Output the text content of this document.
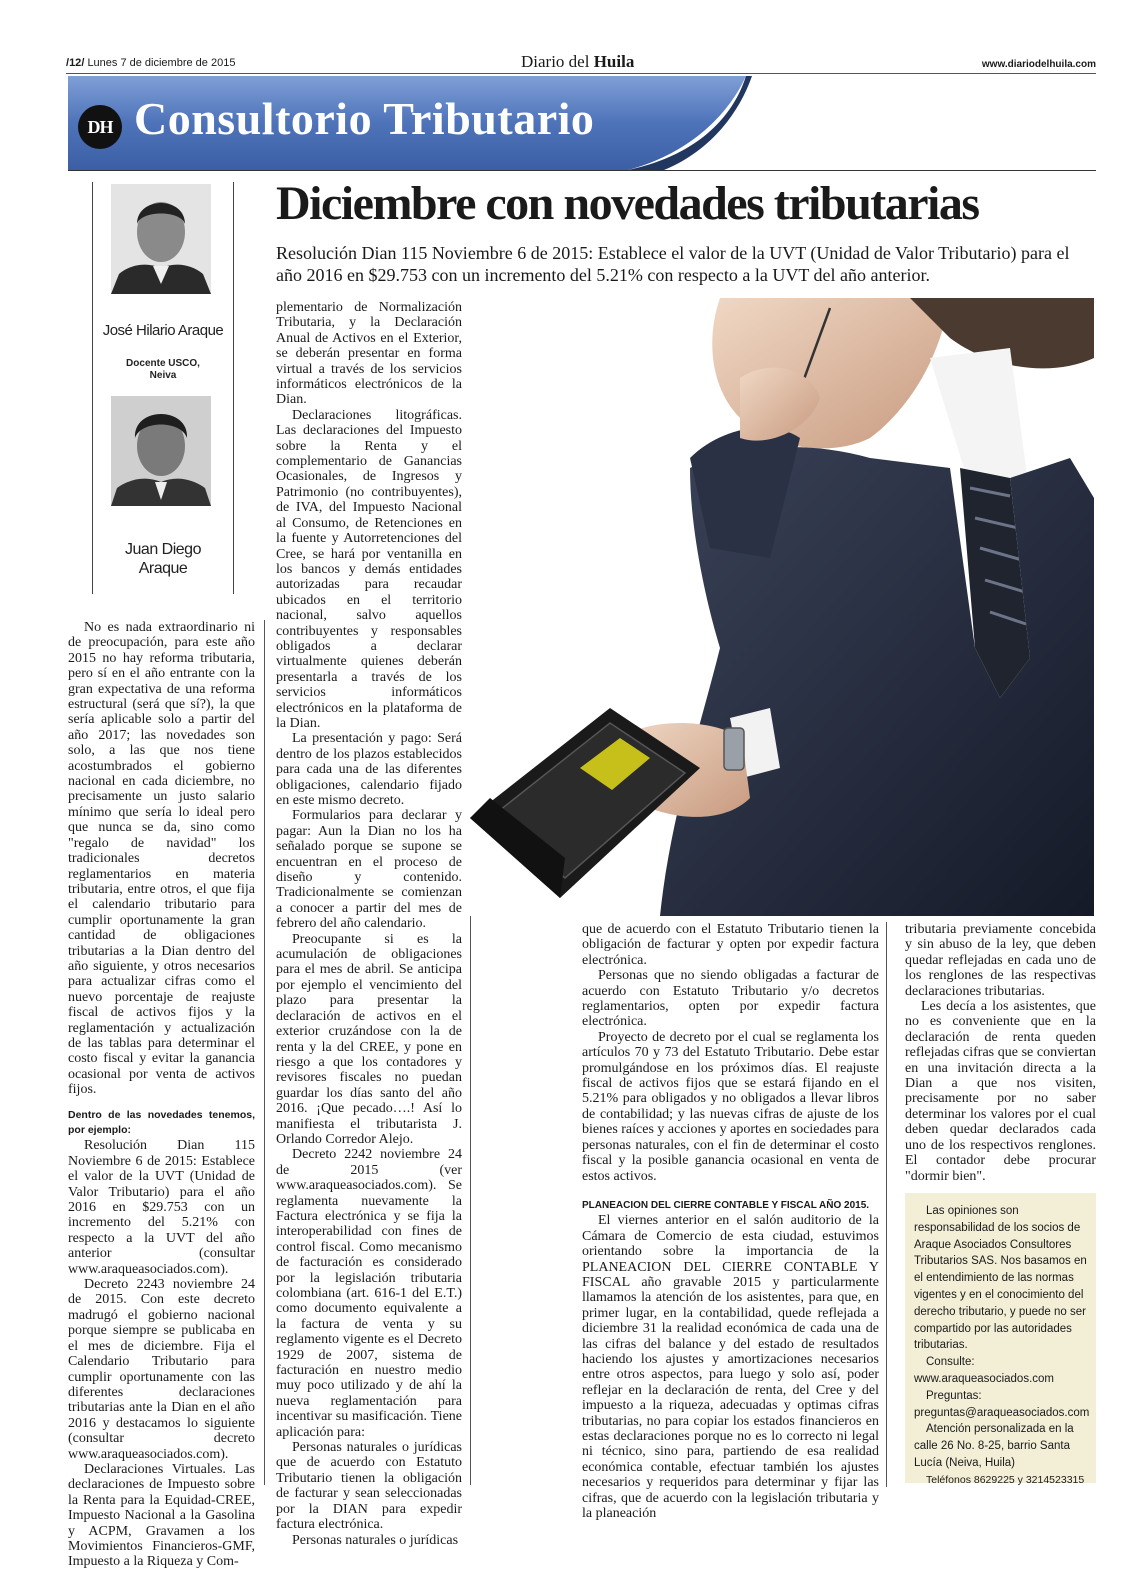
/12/ Lunes 7 de diciembre de 2015	Diario del Huila	www.diariodelhuila.com
DH Consultorio Tributario
Diciembre con novedades tributarias
Resolución Dian 115 Noviembre 6 de 2015: Establece el valor de la UVT (Unidad de Valor Tributario) para el año 2016 en $29.753 con un incremento del 5.21% con respecto a la UVT del año anterior.
José Hilario Araque
Docente USCO,
Neiva
Juan Diego Araque

No es nada extraordinario ni de preocupación, para este año 2015 no hay reforma tributaria, pero sí en el año entrante con la gran expectativa de una reforma estructural (será que sí?), la que sería aplicable solo a partir del año 2017; las novedades son solo, a las que nos tiene acostumbrados el gobierno nacional en cada diciembre, no precisamente un justo salario mínimo que sería lo ideal pero que nunca se da, sino como "regalo de navidad" los tradicionales decretos reglamentarios en materia tributaria, entre otros, el que fija el calendario tributario para cumplir oportunamente la gran cantidad de obligaciones tributarias a la Dian dentro del año siguiente, y otros necesarios para actualizar cifras como el nuevo porcentaje de reajuste fiscal de activos fijos y la reglamentación y actualización de las tablas para determinar el costo fiscal y evitar la ganancia ocasional por venta de activos fijos.

Dentro de las novedades tenemos, por ejemplo:

Resolución Dian 115 Noviembre 6 de 2015: Establece el valor de la UVT (Unidad de Valor Tributario) para el año 2016 en $29.753 con un incremento del 5.21% con respecto a la UVT del año anterior (consultar www.araqueasociados.com).

Decreto 2243 noviembre 24 de 2015. Con este decreto madrugó el gobierno nacional porque siempre se publicaba en el mes de diciembre. Fija el Calendario Tributario para cumplir oportunamente con las diferentes declaraciones tributarias ante la Dian en el año 2016 y destacamos lo siguiente (consultar decreto www.araqueasociados.com).

Declaraciones Virtuales. Las declaraciones de Impuesto sobre la Renta para la Equidad-CREE, Impuesto Nacional a la Gasolina y ACPM, Gravamen a los Movimientos Financieros-GMF, Impuesto a la Riqueza y Com-

plementario de Normalización Tributaria, y la Declaración Anual de Activos en el Exterior, se deberán presentar en forma virtual a través de los servicios informáticos electrónicos de la Dian.

Declaraciones litográficas. Las declaraciones del Impuesto sobre la Renta y el complementario de Ganancias Ocasionales, de Ingresos y Patrimonio (no contribuyentes), de IVA, del Impuesto Nacional al Consumo, de Retenciones en la fuente y Autorretenciones del Cree, se hará por ventanilla en los bancos y demás entidades autorizadas para recaudar ubicados en el territorio nacional, salvo aquellos contribuyentes y responsables obligados a declarar virtualmente quienes deberán presentarla a través de los servicios informáticos electrónicos en la plataforma de la Dian.

La presentación y pago: Será dentro de los plazos establecidos para cada una de las diferentes obligaciones, calendario fijado en este mismo decreto.

Formularios para declarar y pagar: Aun la Dian no los ha señalado porque se supone se encuentran en el proceso de diseño y contenido. Tradicionalmente se comienzan a conocer a partir del mes de febrero del año calendario.

Preocupante si es la acumulación de obligaciones para el mes de abril. Se anticipa por ejemplo el vencimiento del plazo para presentar la declaración de activos en el exterior cruzándose con la de renta y la del CREE, y pone en riesgo a que los contadores y revisores fiscales no puedan guardar los días santo del año 2016. ¡Que pecado….! Así lo manifiesta el tributarista J. Orlando Corredor Alejo.

Decreto 2242 noviembre 24 de 2015 (ver www.araqueasociados.com). Se reglamenta nuevamente la Factura electrónica y se fija la interoperabilidad con fines de control fiscal. Como mecanismo de facturación es considerado por la legislación tributaria colombiana (art. 616-1 del E.T.) como documento equivalente a la factura de venta y su reglamento vigente es el Decreto 1929 de 2007, sistema de facturación en nuestro medio muy poco utilizado y de ahí la nueva reglamentación para incentivar su masificación. Tiene aplicación para:

Personas naturales o jurídicas que de acuerdo con Estatuto Tributario tienen la obligación de facturar y sean seleccionadas por la DIAN para expedir factura electrónica.

Personas naturales o jurídicas

que de acuerdo con el Estatuto Tributario tienen la obligación de facturar y opten por expedir factura electrónica.

Personas que no siendo obligadas a facturar de acuerdo con Estatuto Tributario y/o decretos reglamentarios, opten por expedir factura electrónica.

Proyecto de decreto por el cual se reglamenta los artículos 70 y 73 del Estatuto Tributario. Debe estar promulgándose en los próximos días. El reajuste fiscal de activos fijos que se estará fijando en el 5.21% para obligados y no obligados a llevar libros de contabilidad; y las nuevas cifras de ajuste de los bienes raíces y acciones y aportes en sociedades para personas naturales, con el fin de determinar el costo fiscal y la posible ganancia ocasional en venta de estos activos.

PLANEACION DEL CIERRE CONTABLE Y FISCAL AÑO 2015.

El viernes anterior en el salón auditorio de la Cámara de Comercio de esta ciudad, estuvimos orientando sobre la importancia de la PLANEACION DEL CIERRE CONTABLE Y FISCAL año gravable 2015 y particularmente llamamos la atención de los asistentes, para que, en primer lugar, en la contabilidad, quede reflejada a diciembre 31 la realidad económica de cada una de las cifras del balance y del estado de resultados haciendo los ajustes y amortizaciones necesarios entre otros aspectos, para luego y solo así, poder reflejar en la declaración de renta, del Cree y del impuesto a la riqueza, adecuadas y optimas cifras tributarias, no para copiar los estados financieros en estas declaraciones porque no es lo correcto ni legal ni técnico, sino para, partiendo de esa realidad económica contable, efectuar también los ajustes necesarios y requeridos para determinar y fijar las cifras, que de acuerdo con la legislación tributaria y la planeación

tributaria previamente concebida y sin abuso de la ley, que deben quedar reflejadas en cada uno de los renglones de las respectivas declaraciones tributarias.

Les decía a los asistentes, que no es conveniente que en la declaración de renta queden reflejadas cifras que se conviertan en una invitación directa a la Dian a que nos visiten, precisamente por no saber determinar los valores por el cual deben quedar declarados cada uno de los respectivos renglones. El contador debe procurar "dormir bien".

Las opiniones son responsabilidad de los socios de Araque Asociados Consultores Tributarios SAS. Nos basamos en el entendimiento de las normas vigentes y en el conocimiento del derecho tributario, y puede no ser compartido por las autoridades tributarias.

Consulte: www.araqueasociados.com

Preguntas: preguntas@araqueasociados.com

Atención personalizada en la calle 26 No. 8-25, barrio Santa Lucía (Neiva, Huila)

Teléfonos 8629225 y 3214523315
